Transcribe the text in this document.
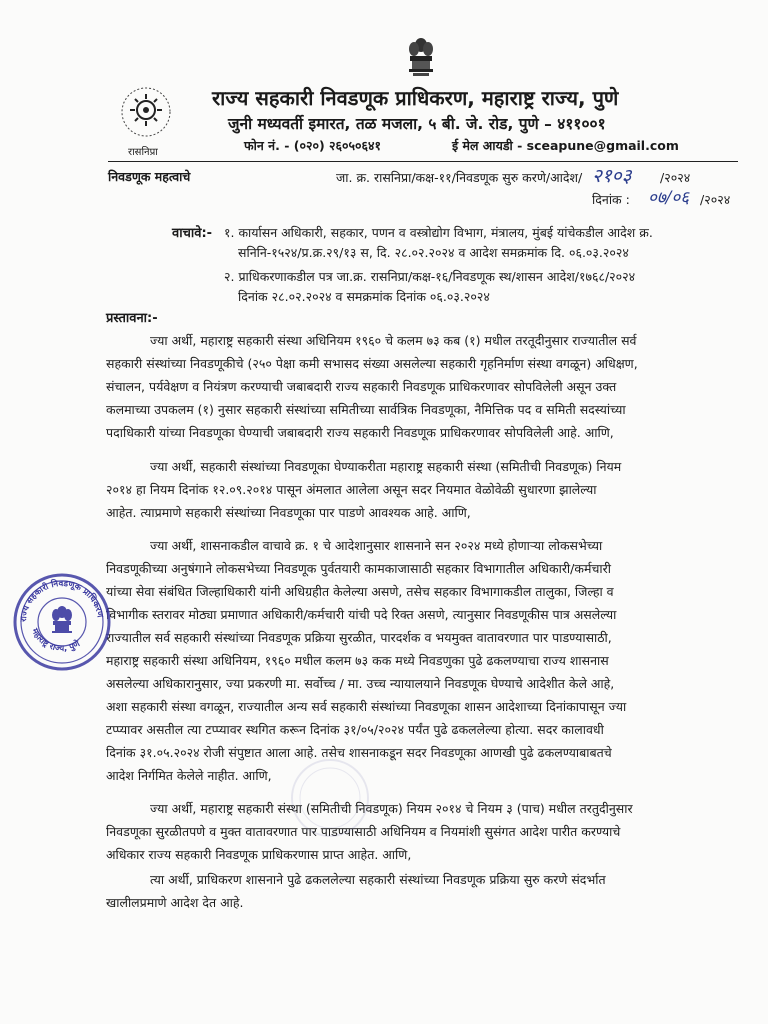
रासनिप्रा
राज्य सहकारी निवडणूक प्राधिकरण, महाराष्ट्र राज्य, पुणे
जुनी मध्यवर्ती इमारत, तळ मजला, ५ बी. जे. रोड, पुणे – ४११००१
फोन नं. - (०२०) २६०५०६४१	ई मेल आयडी - sceapune@gmail.com
निवडणूक महत्वाचे	जा. क्र. रासनिप्रा/कक्ष-११/निवडणूक सुरु करणे/आदेश/ २१०३ /२०२४
दिनांक : ०७/०६ /२०२४
वाचावे:- १. कार्यासन अधिकारी, सहकार, पणन व वस्त्रोद्योग विभाग, मंत्रालय, मुंबई यांचेकडील आदेश क्र.
सनिनि-१५२४/प्र.क्र.२९/१३ स, दि. २८.०२.२०२४ व आदेश समक्रमांक दि. ०६.०३.२०२४
२. प्राधिकरणाकडील पत्र जा.क्र. रासनिप्रा/कक्ष-१६/निवडणूक स्थ/शासन आदेश/१७६८/२०२४
दिनांक २८.०२.२०२४ व समक्रमांक दिनांक ०६.०३.२०२४
प्रस्तावना:-
ज्या अर्थी, महाराष्ट्र सहकारी संस्था अधिनियम १९६० चे कलम ७३ कब (१) मधील तरतूदीनुसार राज्यातील सर्व
सहकारी संस्थांच्या निवडणूकीचे (२५० पेक्षा कमी सभासद संख्या असलेल्या सहकारी गृहनिर्माण संस्था वगळून) अधिक्षण,
संचालन, पर्यवेक्षण व नियंत्रण करण्याची जबाबदारी राज्य सहकारी निवडणूक प्राधिकरणावर सोपविलेली असून उक्त
कलमाच्या उपकलम (१) नुसार सहकारी संस्थांच्या समितीच्या सार्वत्रिक निवडणूका, नैमित्तिक पद व समिती सदस्यांच्या
पदाधिकारी यांच्या निवडणूका घेण्याची जबाबदारी राज्य सहकारी निवडणूक प्राधिकरणावर सोपविलेली आहे. आणि,
ज्या अर्थी, सहकारी संस्थांच्या निवडणूका घेण्याकरीता महाराष्ट्र सहकारी संस्था (समितीची निवडणूक) नियम
२०१४ हा नियम दिनांक १२.०९.२०१४ पासून अंमलात आलेला असून सदर नियमात वेळोवेळी सुधारणा झालेल्या
आहेत. त्याप्रमाणे सहकारी संस्थांच्या निवडणूका पार पाडणे आवश्यक आहे. आणि,
ज्या अर्थी, शासनाकडील वाचावे क्र. १ चे आदेशानुसार शासनाने सन २०२४ मध्ये होणाऱ्या लोकसभेच्या
निवडणूकीच्या अनुषंगाने लोकसभेच्या निवडणूक पुर्वतयारी कामकाजासाठी सहकार विभागातील अधिकारी/कर्मचारी
यांच्या सेवा संबंधित जिल्हाधिकारी यांनी अधिग्रहीत केलेल्या असणे, तसेच सहकार विभागाकडील तालुका, जिल्हा व
विभागीक स्तरावर मोठ्या प्रमाणात अधिकारी/कर्मचारी यांची पदे रिक्त असणे, त्यानुसार निवडणूकीस पात्र असलेल्या
राज्यातील सर्व सहकारी संस्थांच्या निवडणूक प्रक्रिया सुरळीत, पारदर्शक व भयमुक्त वातावरणात पार पाडण्यासाठी,
महाराष्ट्र सहकारी संस्था अधिनियम, १९६० मधील कलम ७३ कक मध्ये निवडणुका पुढे ढकलण्याचा राज्य शासनास
असलेल्या अधिकारानुसार, ज्या प्रकरणी मा. सर्वोच्च / मा. उच्च न्यायालयाने निवडणूक घेण्याचे आदेशीत केले आहे,
अशा सहकारी संस्था वगळून, राज्यातील अन्य सर्व सहकारी संस्थांच्या निवडणूका शासन आदेशाच्या दिनांकापासून ज्या
टप्प्यावर असतील त्या टप्प्यावर स्थगित करून दिनांक ३१/०५/२०२४ पर्यंत पुढे ढकललेल्या होत्या. सदर कालावधी
दिनांक ३१.०५.२०२४ रोजी संपुष्टात आला आहे. तसेच शासनाकडून सदर निवडणूका आणखी पुढे ढकलण्याबाबतचे
आदेश निर्गमित केलेले नाहीत. आणि,
ज्या अर्थी, महाराष्ट्र सहकारी संस्था (समितीची निवडणूक) नियम २०१४ चे नियम ३ (पाच) मधील तरतुदीनुसार
निवडणूका सुरळीतपणे व मुक्त वातावरणात पार पाडण्यासाठी अधिनियम व नियमांशी सुसंगत आदेश पारीत करण्याचे
अधिकार राज्य सहकारी निवडणूक प्राधिकरणास प्राप्त आहेत. आणि,
त्या अर्थी, प्राधिकरण शासनाने पुढे ढकललेल्या सहकारी संस्थांच्या निवडणूक प्रक्रिया सुरु करणे संदर्भात
खालीलप्रमाणे आदेश देत आहे.
राज्य सहकारी निवडणूक प्राधिकरण
महाराष्ट्र राज्य, पुणे
